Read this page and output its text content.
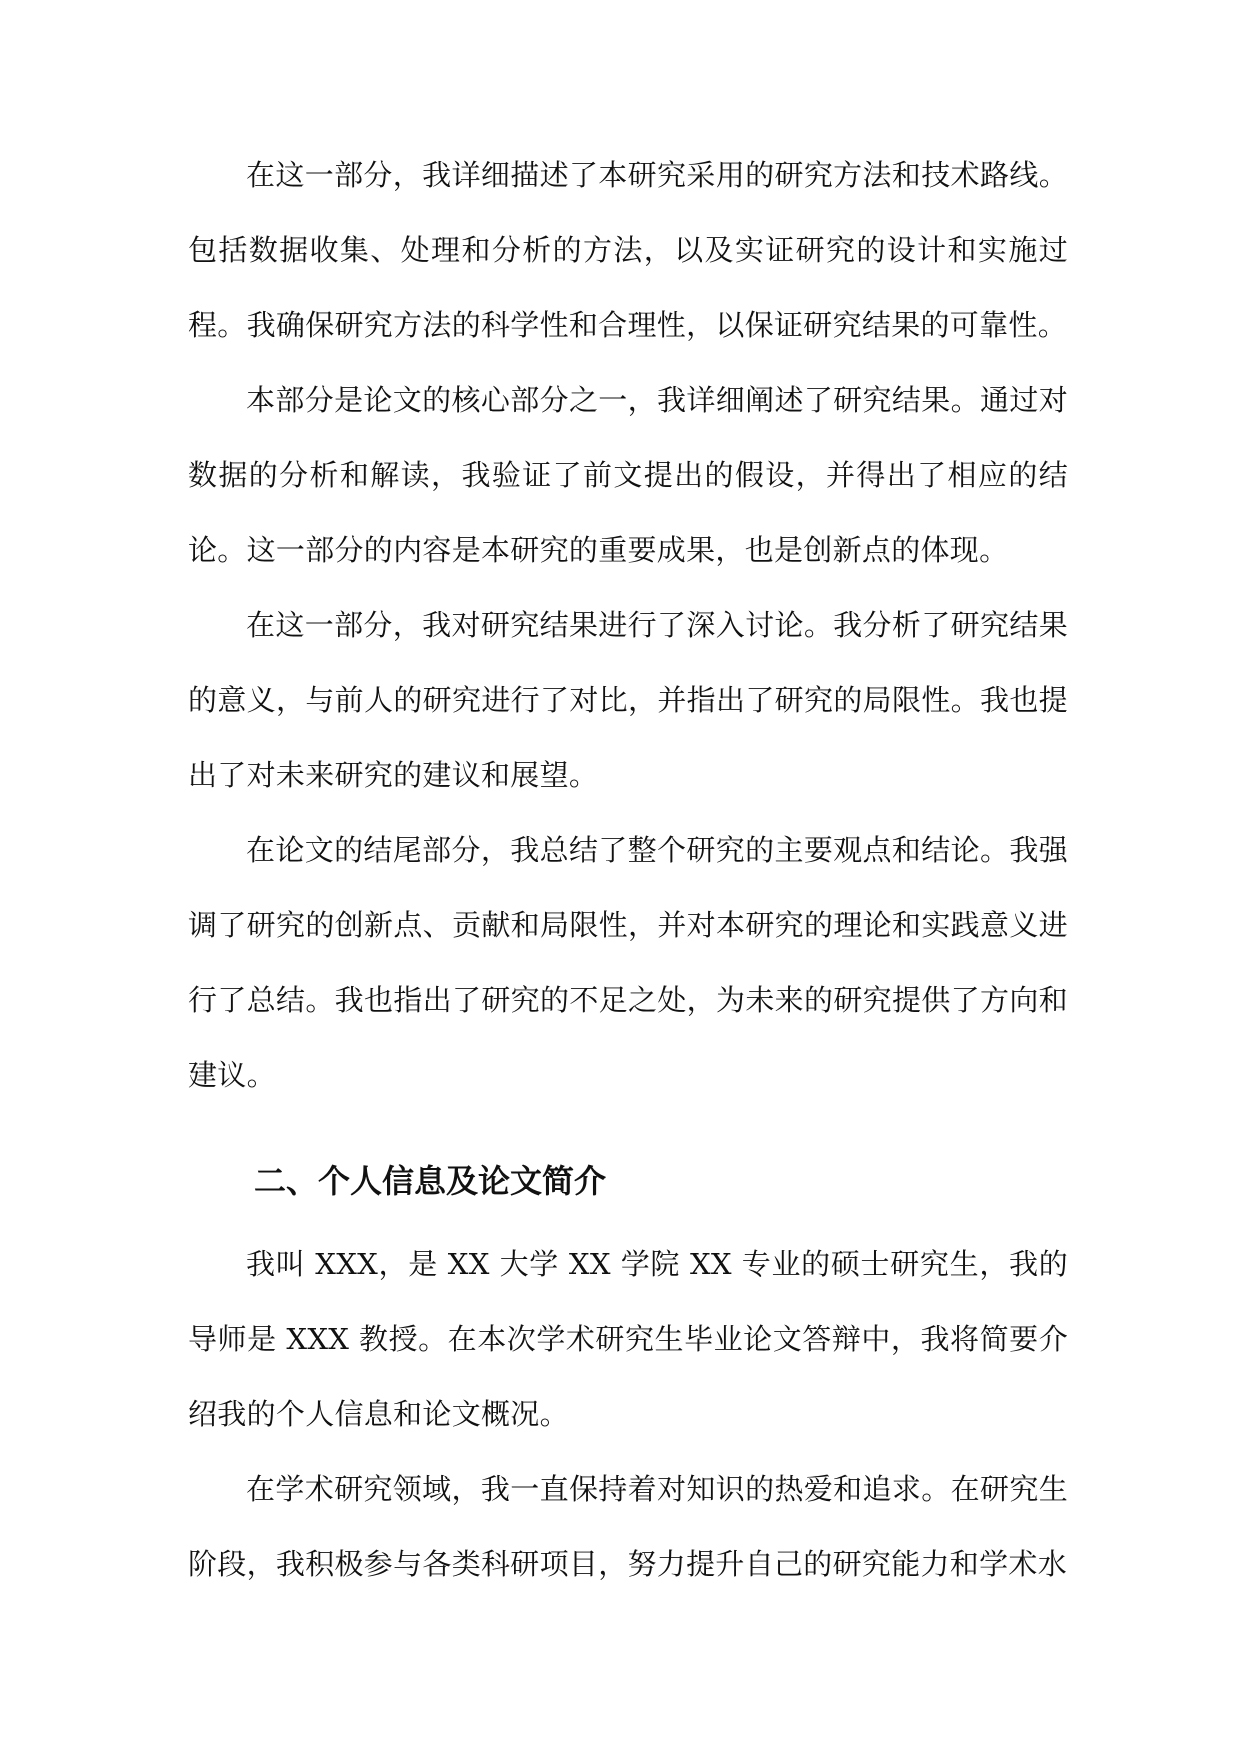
在这一部分，我详细描述了本研究采用的研究方法和技术路线。包括数据收集、处理和分析的方法，以及实证研究的设计和实施过程。我确保研究方法的科学性和合理性，以保证研究结果的可靠性。

本部分是论文的核心部分之一，我详细阐述了研究结果。通过对数据的分析和解读，我验证了前文提出的假设，并得出了相应的结论。这一部分的内容是本研究的重要成果，也是创新点的体现。

在这一部分，我对研究结果进行了深入讨论。我分析了研究结果的意义，与前人的研究进行了对比，并指出了研究的局限性。我也提出了对未来研究的建议和展望。

在论文的结尾部分，我总结了整个研究的主要观点和结论。我强调了研究的创新点、贡献和局限性，并对本研究的理论和实践意义进行了总结。我也指出了研究的不足之处，为未来的研究提供了方向和建议。

二、个人信息及论文简介

我叫 XXX，是 XX 大学 XX 学院 XX 专业的硕士研究生，我的导师是 XXX 教授。在本次学术研究生毕业论文答辩中，我将简要介绍我的个人信息和论文概况。

在学术研究领域，我一直保持着对知识的热爱和追求。在研究生阶段，我积极参与各类科研项目，努力提升自己的研究能力和学术水
